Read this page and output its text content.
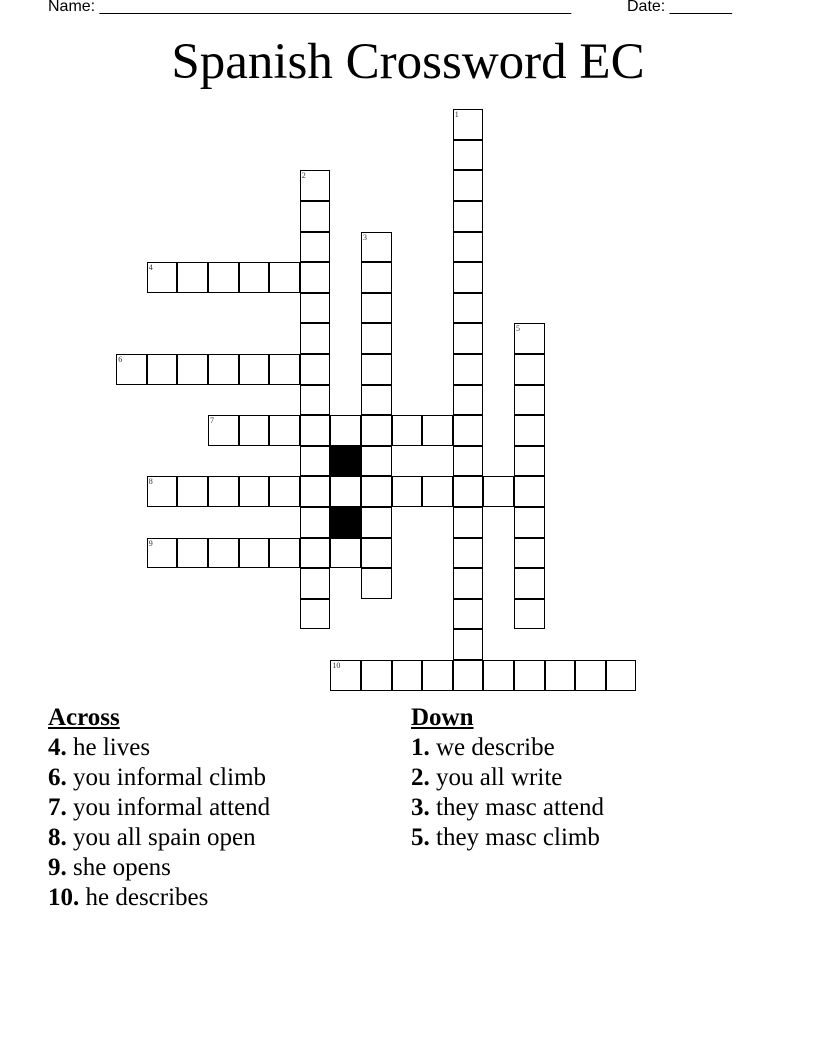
Name: _____________________________________________________	Date: _______
Spanish Crossword EC
1
2
3
4
5
6
7
8
9
10
Across
4. he lives
6. you informal climb
7. you informal attend
8. you all spain open
9. she opens
10. he describes
Down
1. we describe
2. you all write
3. they masc attend
5. they masc climb
